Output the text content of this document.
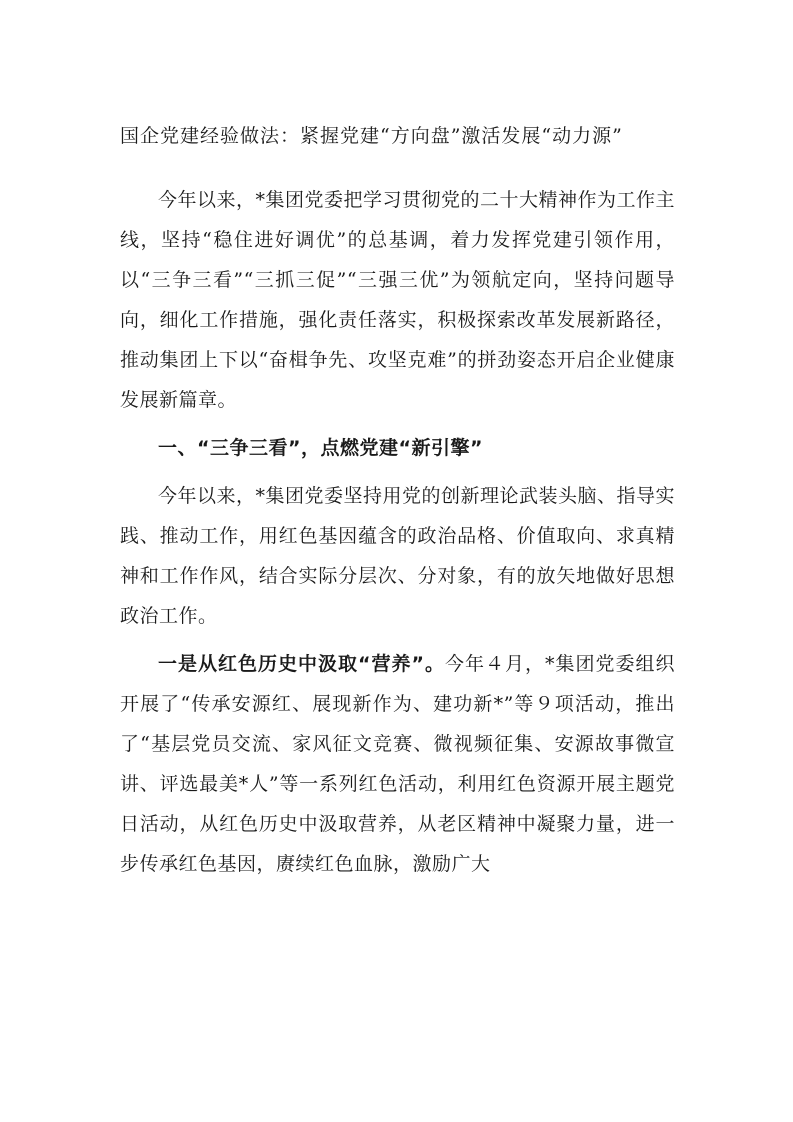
国企党建经验做法：紧握党建“方向盘”激活发展“动力源”

今年以来，*集团党委把学习贯彻党的二十大精神作为工作主线，坚持“稳住进好调优”的总基调，着力发挥党建引领作用，以“三争三看”“三抓三促”“三强三优”为领航定向，坚持问题导向，细化工作措施，强化责任落实，积极探索改革发展新路径，推动集团上下以“奋楫争先、攻坚克难”的拼劲姿态开启企业健康发展新篇章。

一、“三争三看”，点燃党建“新引擎”

今年以来，*集团党委坚持用党的创新理论武装头脑、指导实践、推动工作，用红色基因蕴含的政治品格、价值取向、求真精神和工作作风，结合实际分层次、分对象，有的放矢地做好思想政治工作。

一是从红色历史中汲取“营养”。今年４月，*集团党委组织开展了“传承安源红、展现新作为、建功新*”等９项活动，推出了“基层党员交流、家风征文竞赛、微视频征集、安源故事微宣讲、评选最美*人”等一系列红色活动，利用红色资源开展主题党日活动，从红色历史中汲取营养，从老区精神中凝聚力量，进一步传承红色基因，赓续红色血脉，激励广大
